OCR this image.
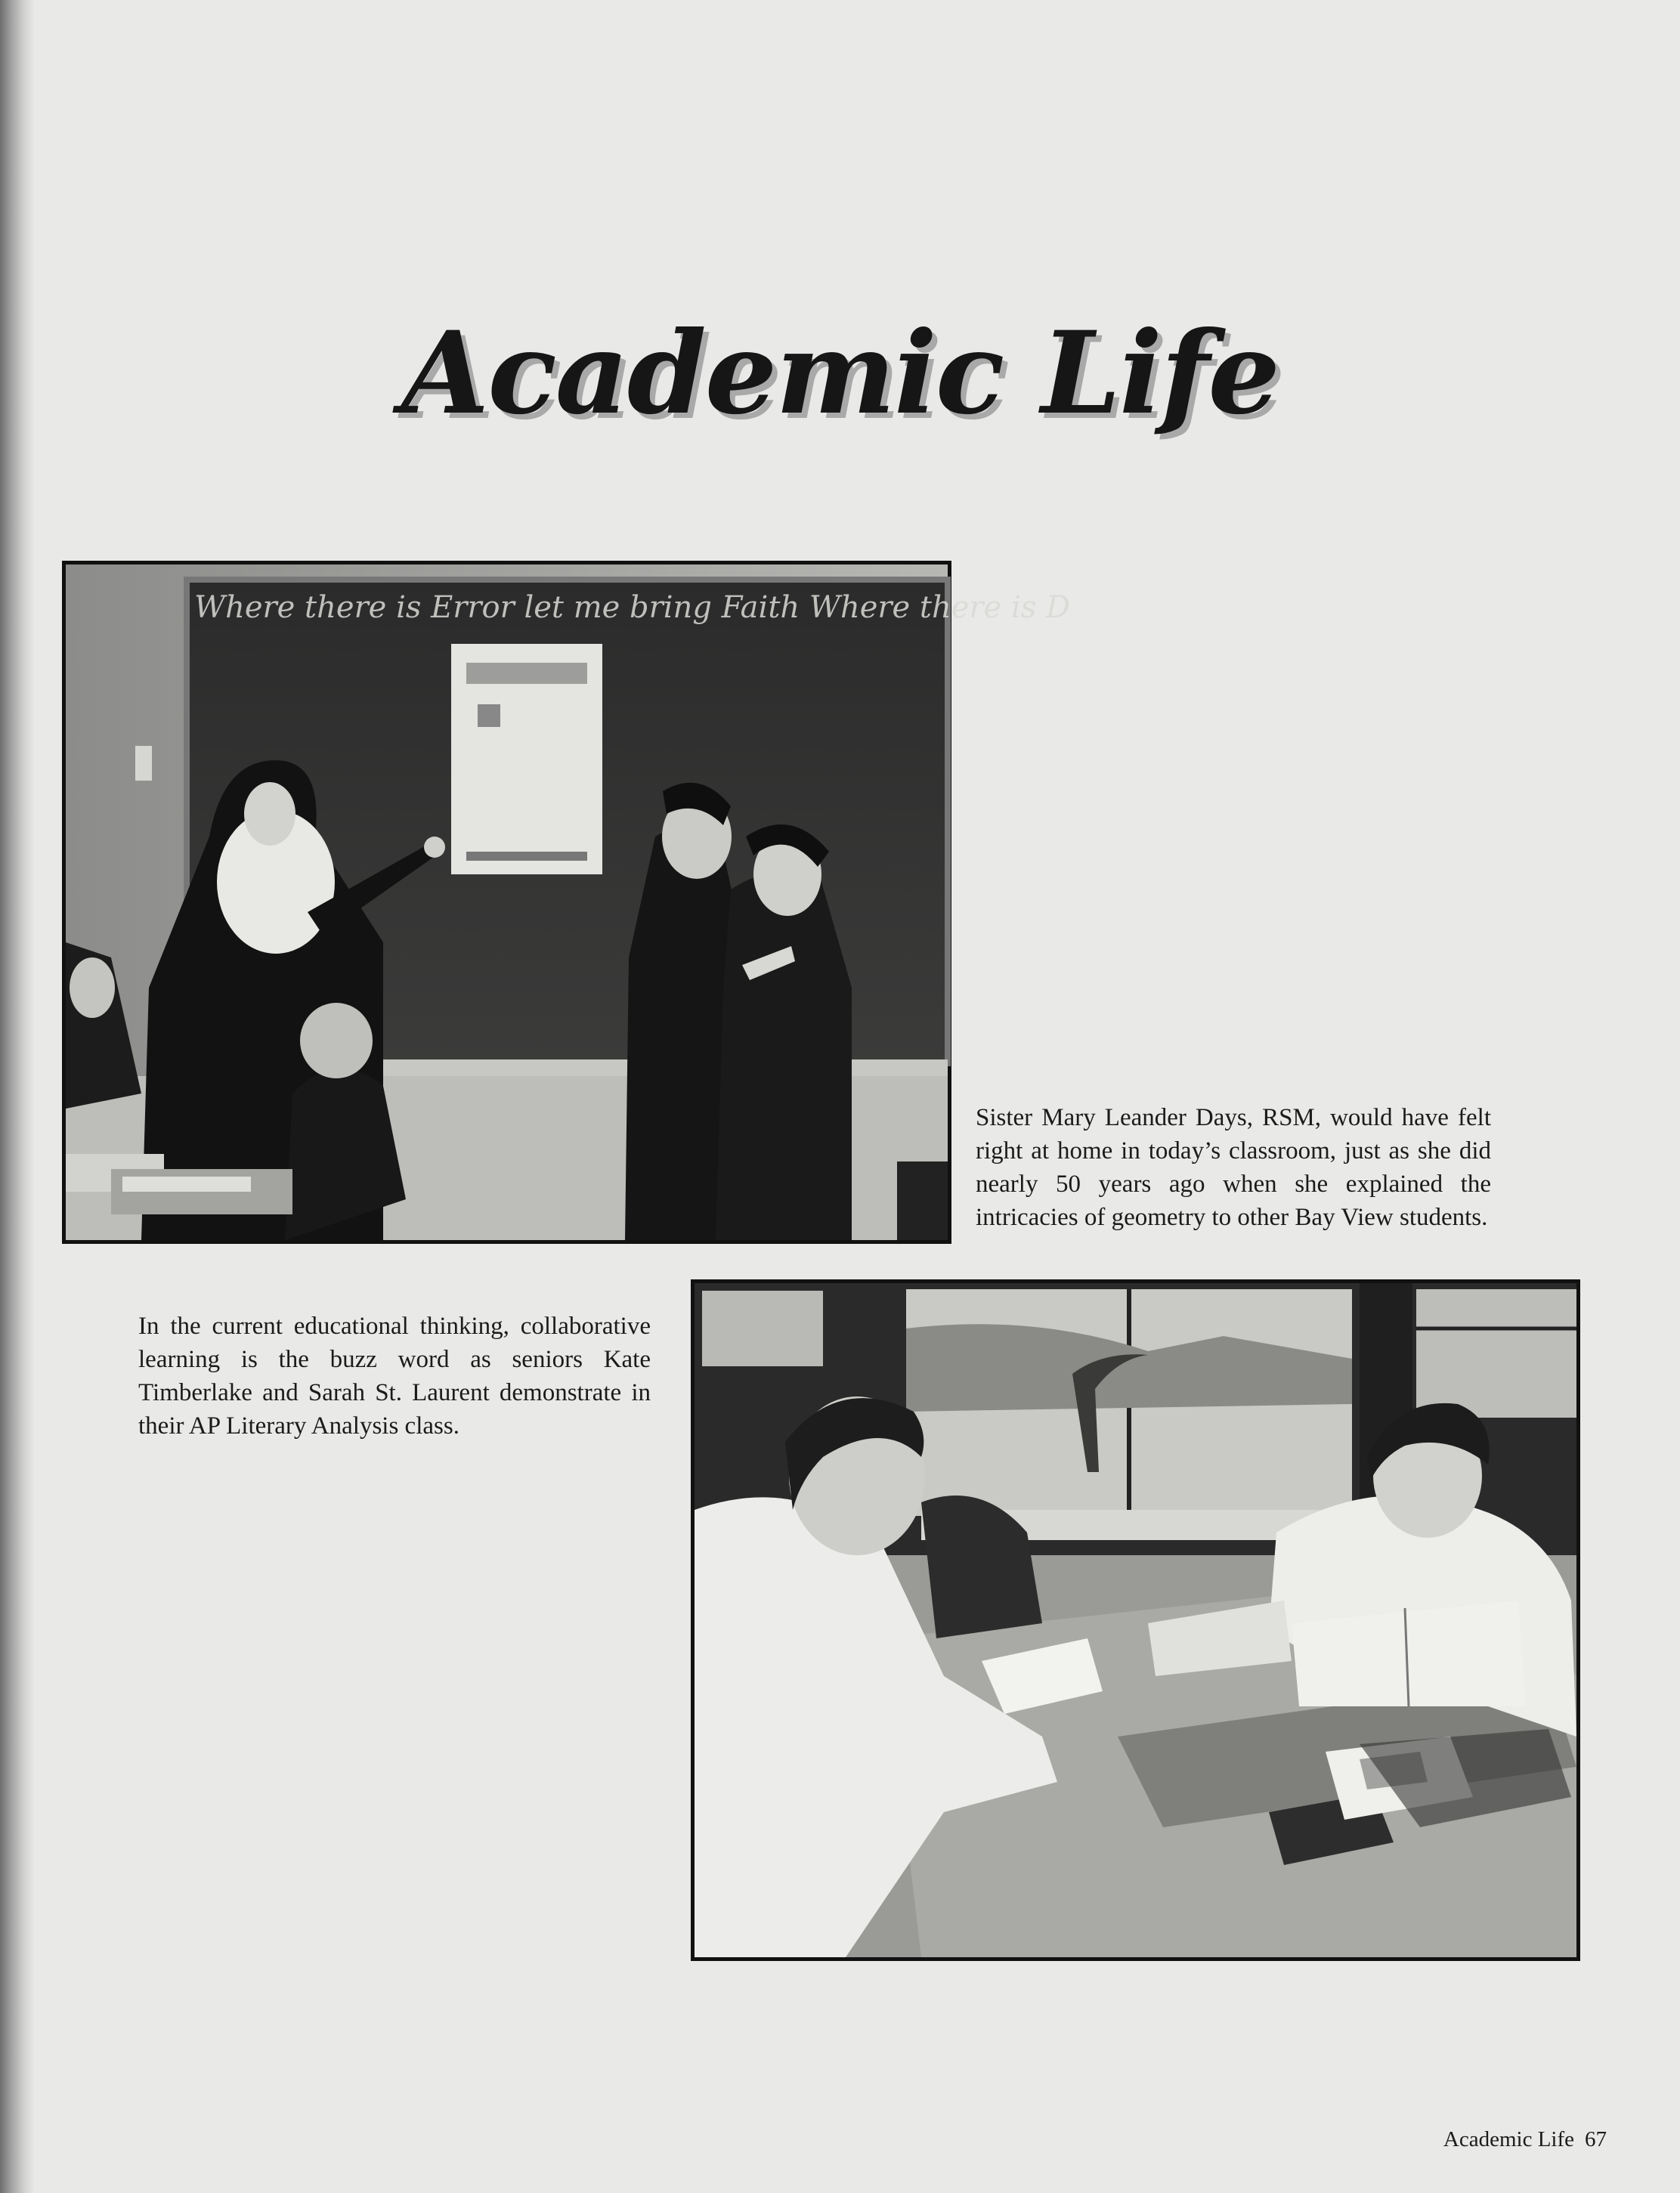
Academic Life
Where there is Error let me bring Faith Where there is D

Sister Mary Leander Days, RSM, would have felt right at home in today’s classroom, just as she did nearly 50 years ago when she explained the intricacies of geometry to other Bay View students.

In the current educational thinking, collaborative learning is the buzz word as seniors Kate Timberlake and Sarah St. Laurent demonstrate in their AP Literary Analysis class.

Academic Life 67
